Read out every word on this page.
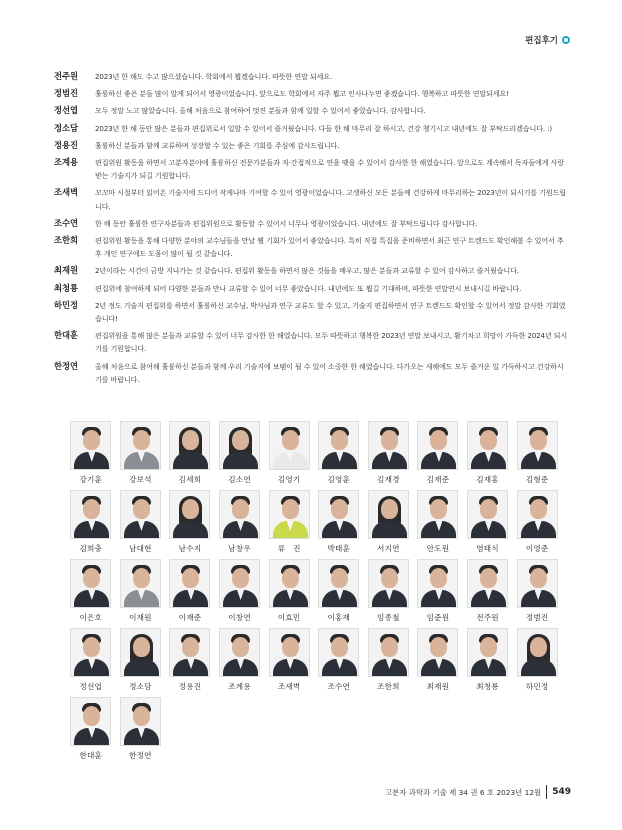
편집후기
전주원	2023년 한 해도 수고 많으셨습니다. 학회에서 뵙겠습니다. 따뜻한 연말 되세요.
정범진	훌륭하신 좋은 분들 많이 알게 되어서 영광이었습니다. 앞으로도 학회에서 자주 뵙고 인사나누면 좋겠습니다. 행복하고 따뜻한 연말되세요!
정선엽	모두 정말 노고 많았습니다. 올해 처음으로 참여하여 멋진 분들과 함께 일할 수 있어서 좋았습니다. 감사합니다.
정소담	2023년 한 해 동안 많은 분들과 편집위로서 일할 수 있어서 즐거웠습니다. 다들 한 해 마무리 잘 하시고, 건강 챙기시고 내년에도 잘 부탁드리겠습니다. :)
정용진	훌륭하신 분들과 함께 교류하며 성장할 수 있는 좋은 기회를 주심에 감사드립니다.
조계용	편집위원 활동을 하면서 고분자분야에 훌륭하신 전문가분들과 직·간접적으로 연을 맺을 수 있어서 감사한 한 해였습니다. 앞으로도 계속해서 독자들에게 사랑받는 기술지가 되길 기원합니다.
조새벽	꼬꼬마 시절부터 읽어온 기술지에 드디어 작게나마 기여할 수 있어 영광이었습니다. 고생하신 모든 분들께 건강하게 마무리하는 2023년이 되시기를 기원드립니다.
조수연	한 해 동안 훌륭한 연구자분들과 편집위원으로 활동할 수 있어서 너무나 영광이었습니다. 내년에도 잘 부탁드립니다 감사합니다.
조한희	편집위원 활동을 통해 다양한 분야의 교수님들을 만날 뵐 기회가 있어서 좋았습니다. 특히 직접 특집을 준비하면서 최근 연구 트렌드도 확인해볼 수 있어서 추후 개인 연구에도 도움이 많이 될 것 같습니다.
최재원	2년이라는 시간이 금방 지나가는 것 같습니다. 편집위 활동을 하면서 많은 것들을 배우고, 많은 분들과 교류할 수 있어 감사하고 즐거웠습니다.
최청룡	편집위에 참여하게 되어 다양한 분들과 만나 교류할 수 있어 너무 좋았습니다. 내년에도 또 뵙길 기대하며, 따뜻한 연말연시 보내시길 바랍니다.
하민정	2년 정도 기술지 편집위를 하면서 훌륭하신 교수님, 박사님과 연구 교류도 할 수 있고, 기술지 편집하면서 연구 트렌드도 확인할 수 있어서 정말 감사한 기회였습니다!
한대훈	편집위원을 통해 많은 분들과 교류할 수 있어 너무 감사한 한 해였습니다. 모두 따뜻하고 행복한 2023년 연말 보내시고, 활기차고 희망이 가득한 2024년 되시기를 기원합니다.
한정연	올해 처음으로 참여해 훌륭하신 분들과 함께 우리 기술지에 보탬이 될 수 있어 소중한 한 해였습니다. 다가오는 새해에도 모두 즐거운 일 가득하시고 건강하시기를 바랍니다.
강기훈	강보석	김세희	김소연	김영기	김영훈	김재경	김재준	김재홍	김형준
김희충	남대현	남수지	남창우	류　진	박태훈	서지연	안도원	염태식	이영준
이은호	이재원	이재준	이창연	이효민	이홍재	임종철	임준원	전주원	정범진
정선엽	정소담	정용진	조계용	조새벽	조수연	조한희	최재원	최청룡	하민정
한대훈	한정연
고분자 과학과 기술 제 34 권 6 호 2023년 12월 549
